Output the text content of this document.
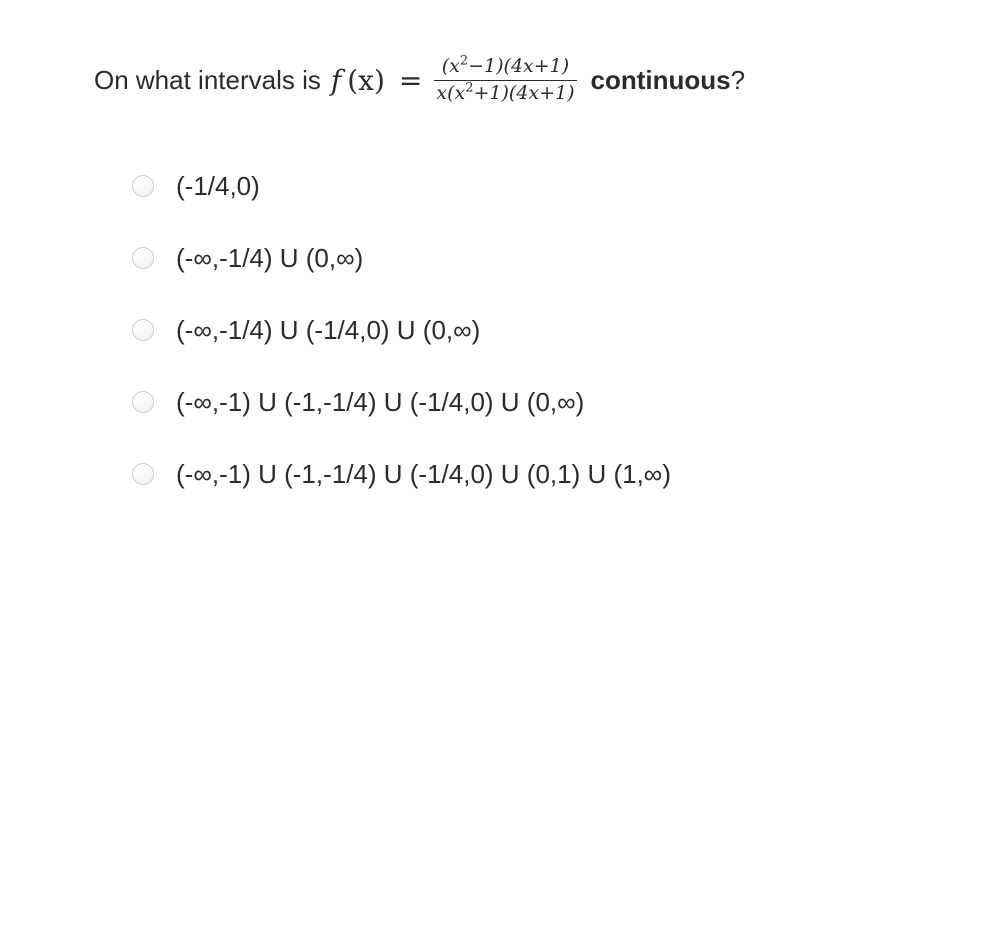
On what intervals is f $(x) = \frac{(x^2-1)(4x+1)}{x(x^2+1)(4x+1)}$ continuous ?
(-1/4,0)
(-∞,-1/4) U (0,∞)
(-∞,-1/4) U (-1/4,0) U (0,∞)
(-∞,-1) U (-1,-1/4) U (-1/4,0) U (0,∞)
(-∞,-1) U (-1,-1/4) U (-1/4,0) U (0,1) U (1,∞)
